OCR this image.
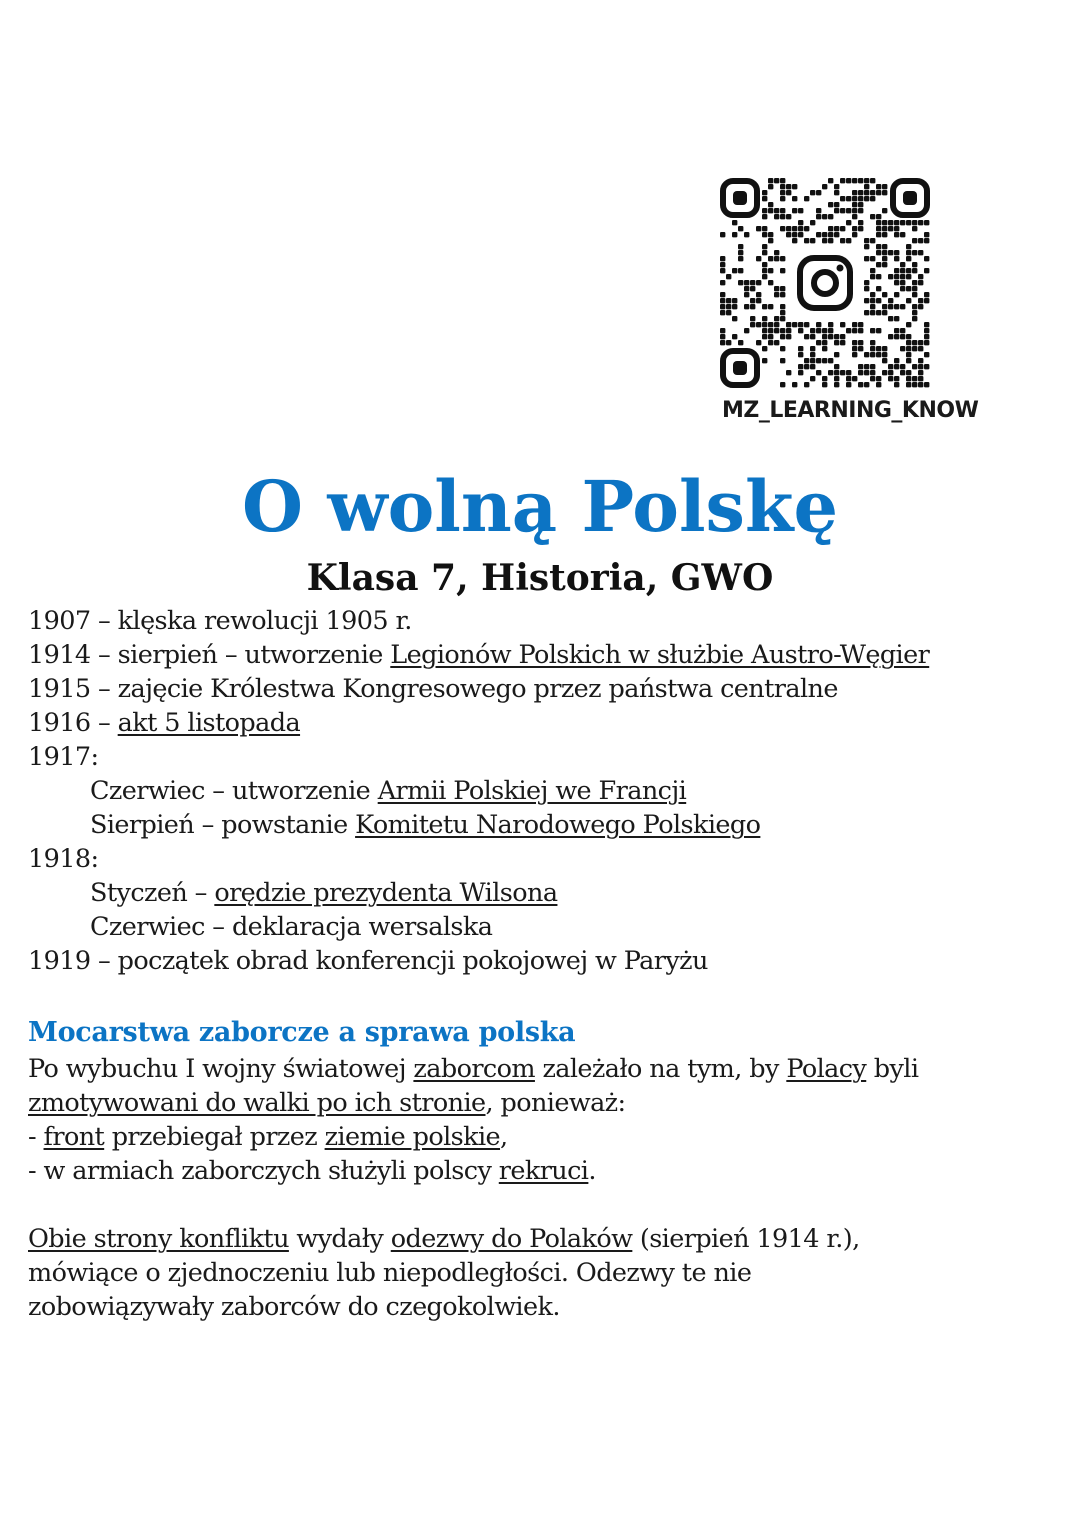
MZ_LEARNING_KNOW
O wolną Polskę
Klasa 7, Historia, GWO
1907 – klęska rewolucji 1905 r.
1914 – sierpień – utworzenie Legionów Polskich w służbie Austro-Węgier
1915 – zajęcie Królestwa Kongresowego przez państwa centralne
1916 – akt 5 listopada
1917:
Czerwiec – utworzenie Armii Polskiej we Francji
Sierpień – powstanie Komitetu Narodowego Polskiego
1918:
Styczeń – orędzie prezydenta Wilsona
Czerwiec – deklaracja wersalska
1919 – początek obrad konferencji pokojowej w Paryżu
Mocarstwa zaborcze a sprawa polska

Po wybuchu I wojny światowej zaborcom zależało na tym, by Polacy byli
zmotywowani do walki po ich stronie, ponieważ:
- front przebiegał przez ziemie polskie,
- w armiach zaborczych służyli polscy rekruci.

Obie strony konfliktu wydały odezwy do Polaków (sierpień 1914 r.),
mówiące o zjednoczeniu lub niepodległości. Odezwy te nie
zobowiązywały zaborców do czegokolwiek.
